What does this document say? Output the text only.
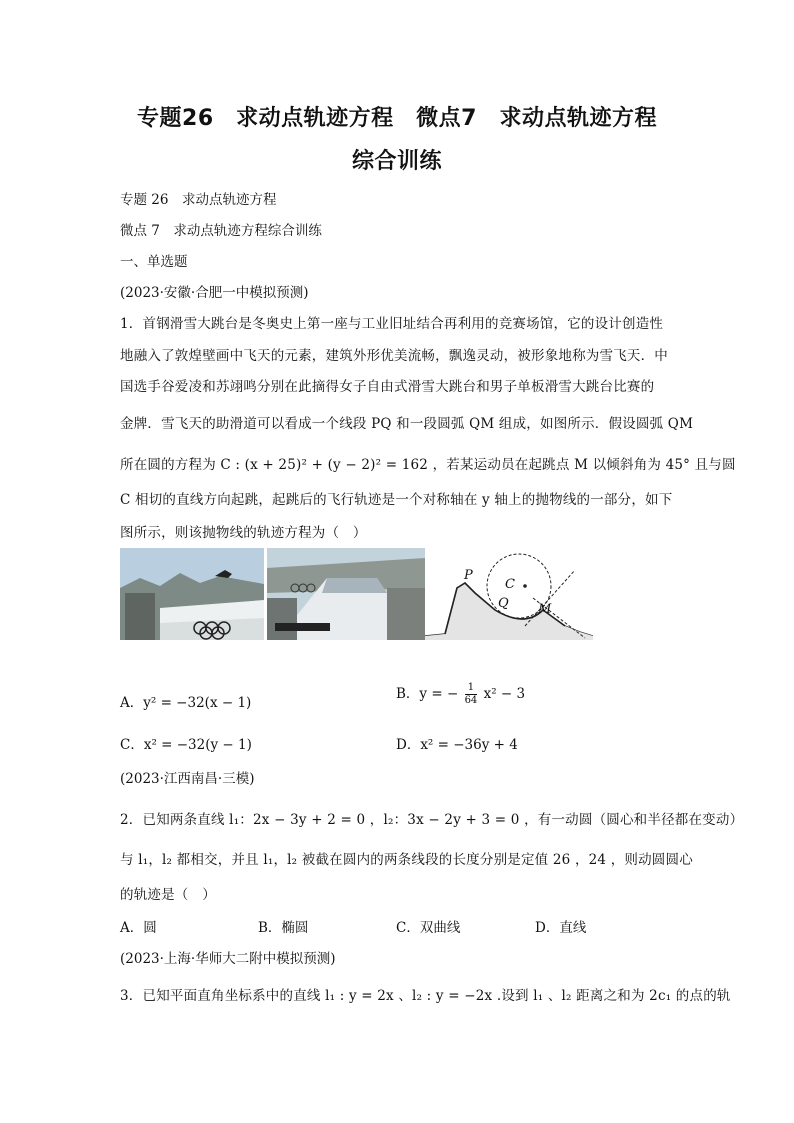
专题26　求动点轨迹方程　微点7　求动点轨迹方程
综合训练
专题 26　求动点轨迹方程
微点 7　求动点轨迹方程综合训练
一、单选题
(2023·安徽·合肥一中模拟预测)
1．首钢滑雪大跳台是冬奥史上第一座与工业旧址结合再利用的竞赛场馆，它的设计创造性
地融入了敦煌壁画中飞天的元素，建筑外形优美流畅，飘逸灵动，被形象地称为雪飞天．中
国选手谷爱凌和苏翊鸣分别在此摘得女子自由式滑雪大跳台和男子单板滑雪大跳台比赛的
金牌．雪飞天的助滑道可以看成一个线段 PQ 和一段圆弧 QM 组成，如图所示．假设圆弧 QM
所在圆的方程为 C : (x + 25)² + (y − 2)² = 162 ，若某运动员在起跳点 M 以倾斜角为 45° 且与圆
C 相切的直线方向起跳，起跳后的飞行轨迹是一个对称轴在 y 轴上的抛物线的一部分，如下
图所示，则该抛物线的轨迹方程为（　）
P
C
Q M
A．y² = −32(x − 1)
B．y = − $\frac{1}{64} x^2 - 3$
C．x² = −32(y − 1)	D．x² = −36y + 4
(2023·江西南昌·三模)
2．已知两条直线 l₁：2x − 3y + 2 = 0 ，l₂：3x − 2y + 3 = 0 ，有一动圆（圆心和半径都在变动）
与 l₁，l₂ 都相交，并且 l₁，l₂ 被截在圆内的两条线段的长度分别是定值 26 ，24 ，则动圆圆心
的轨迹是（　）
A．圆	B．椭圆	C．双曲线	D．直线
(2023·上海·华师大二附中模拟预测)
3．已知平面直角坐标系中的直线 l₁ : y = 2x 、l₂ : y = −2x .设到 l₁ 、l₂ 距离之和为 2c₁ 的点的轨
